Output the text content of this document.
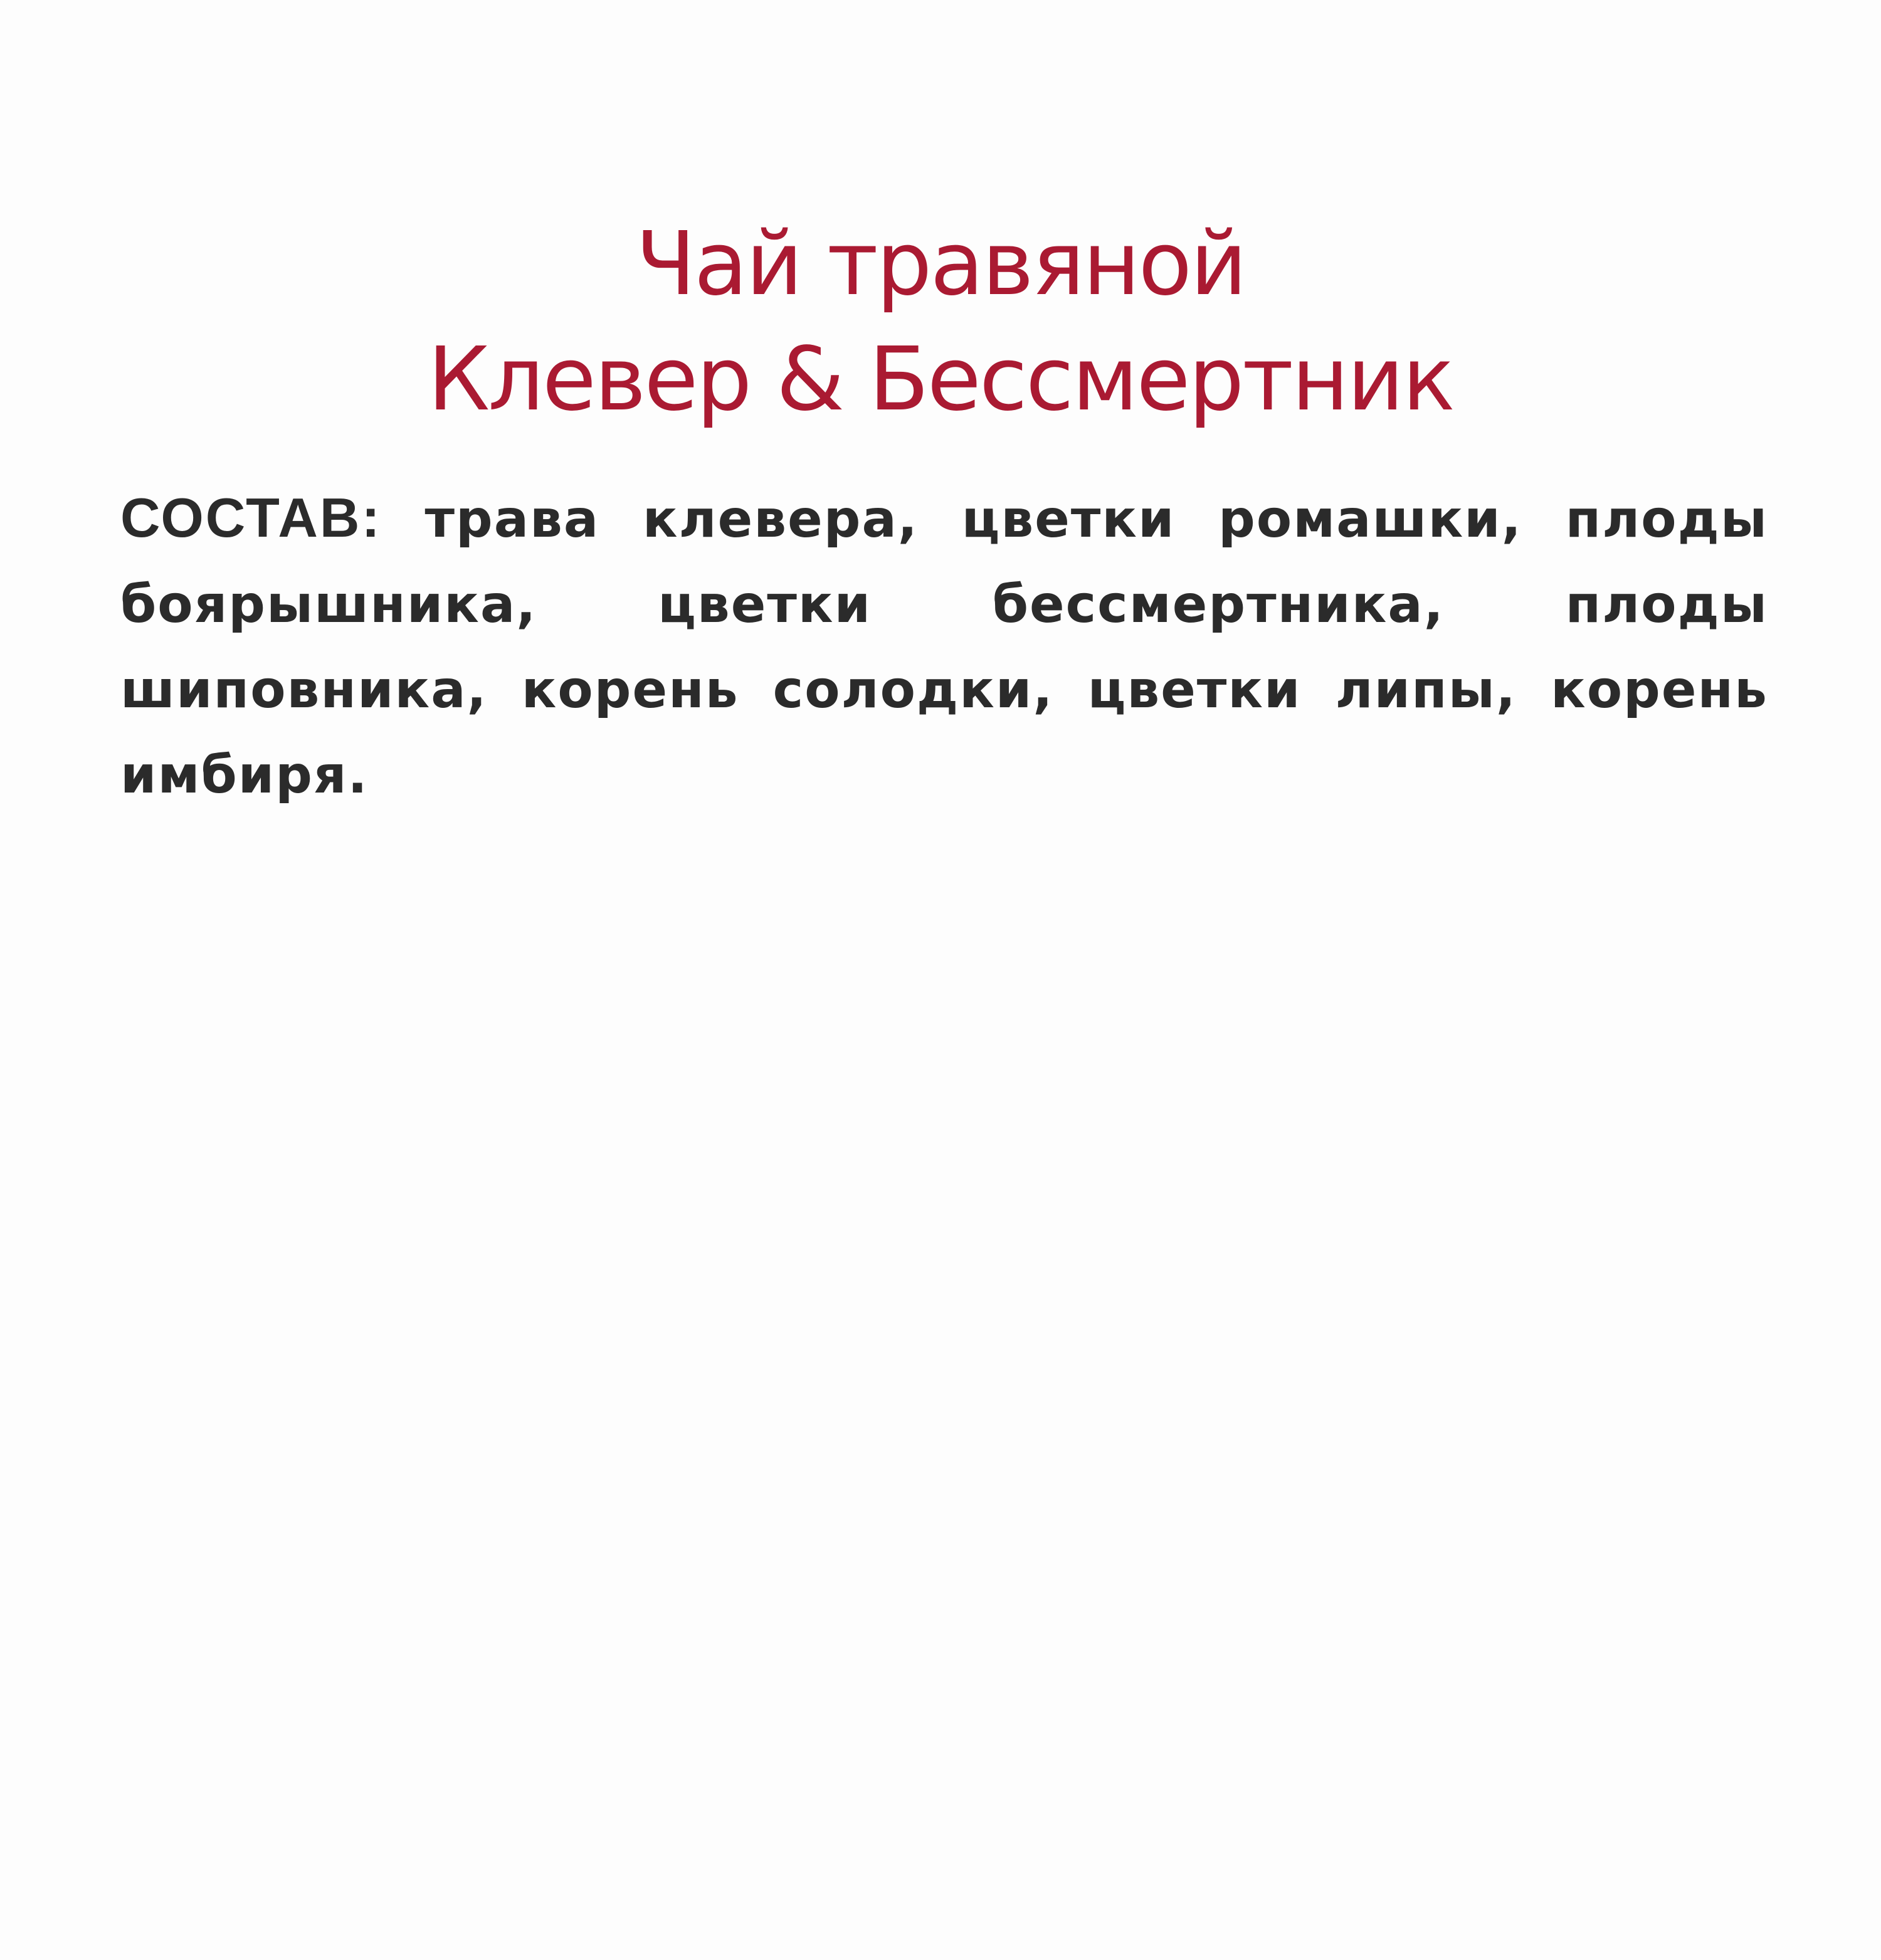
Чай травяной
Клевер & Бессмертник

СОСТАВ: трава клевера, цветки ромашки, плоды боярышника, цветки бессмертника, плоды шиповника, корень солодки, цветки липы, корень имбиря.
